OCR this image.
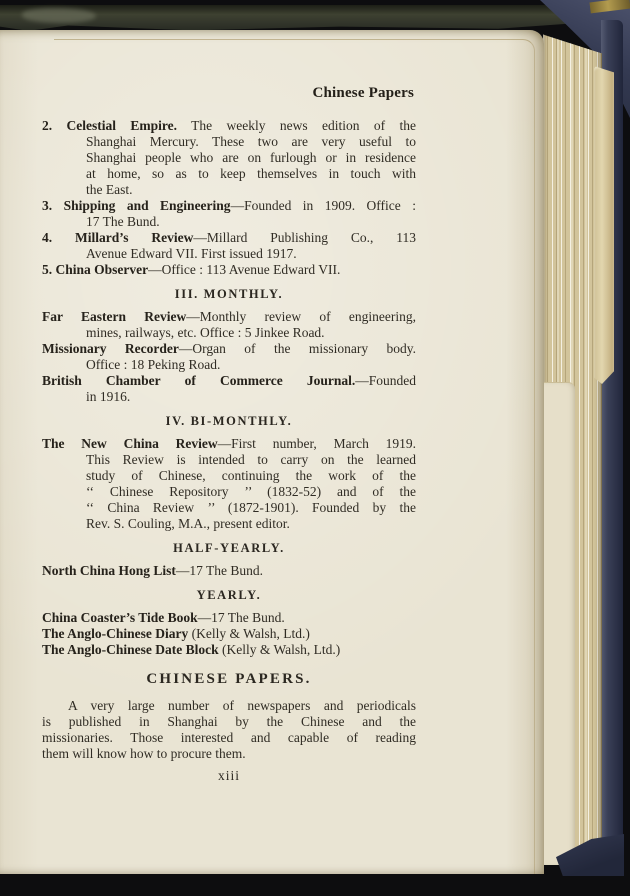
Chinese Papers
2. Celestial Empire. The weekly news edition of the
Shanghai Mercury. These two are very useful to
Shanghai people who are on furlough or in residence
at home, so as to keep themselves in touch with
the East.
3. Shipping and Engineering—Founded in 1909. Office :
17 The Bund.
4. Millard’s Review—Millard Publishing Co., 113
Avenue Edward VII. First issued 1917.
5. China Observer—Office : 113 Avenue Edward VII.
III. MONTHLY.
Far Eastern Review—Monthly review of engineering,
mines, railways, etc. Office : 5 Jinkee Road.
Missionary Recorder—Organ of the missionary body.
Office : 18 Peking Road.
British Chamber of Commerce Journal.—Founded
in 1916.
IV. BI-MONTHLY.
The New China Review—First number, March 1919.
This Review is intended to carry on the learned
study of Chinese, continuing the work of the
‘‘ Chinese Repository ’’ (1832-52) and of the
‘‘ China Review ’’ (1872-1901). Founded by the
Rev. S. Couling, M.A., present editor.
HALF-YEARLY.
North China Hong List—17 The Bund.
YEARLY.
China Coaster’s Tide Book—17 The Bund.
The Anglo-Chinese Diary (Kelly & Walsh, Ltd.)
The Anglo-Chinese Date Block (Kelly & Walsh, Ltd.)
CHINESE PAPERS.
A very large number of newspapers and periodicals
is published in Shanghai by the Chinese and the
missionaries. Those interested and capable of reading
them will know how to procure them.
xiii
